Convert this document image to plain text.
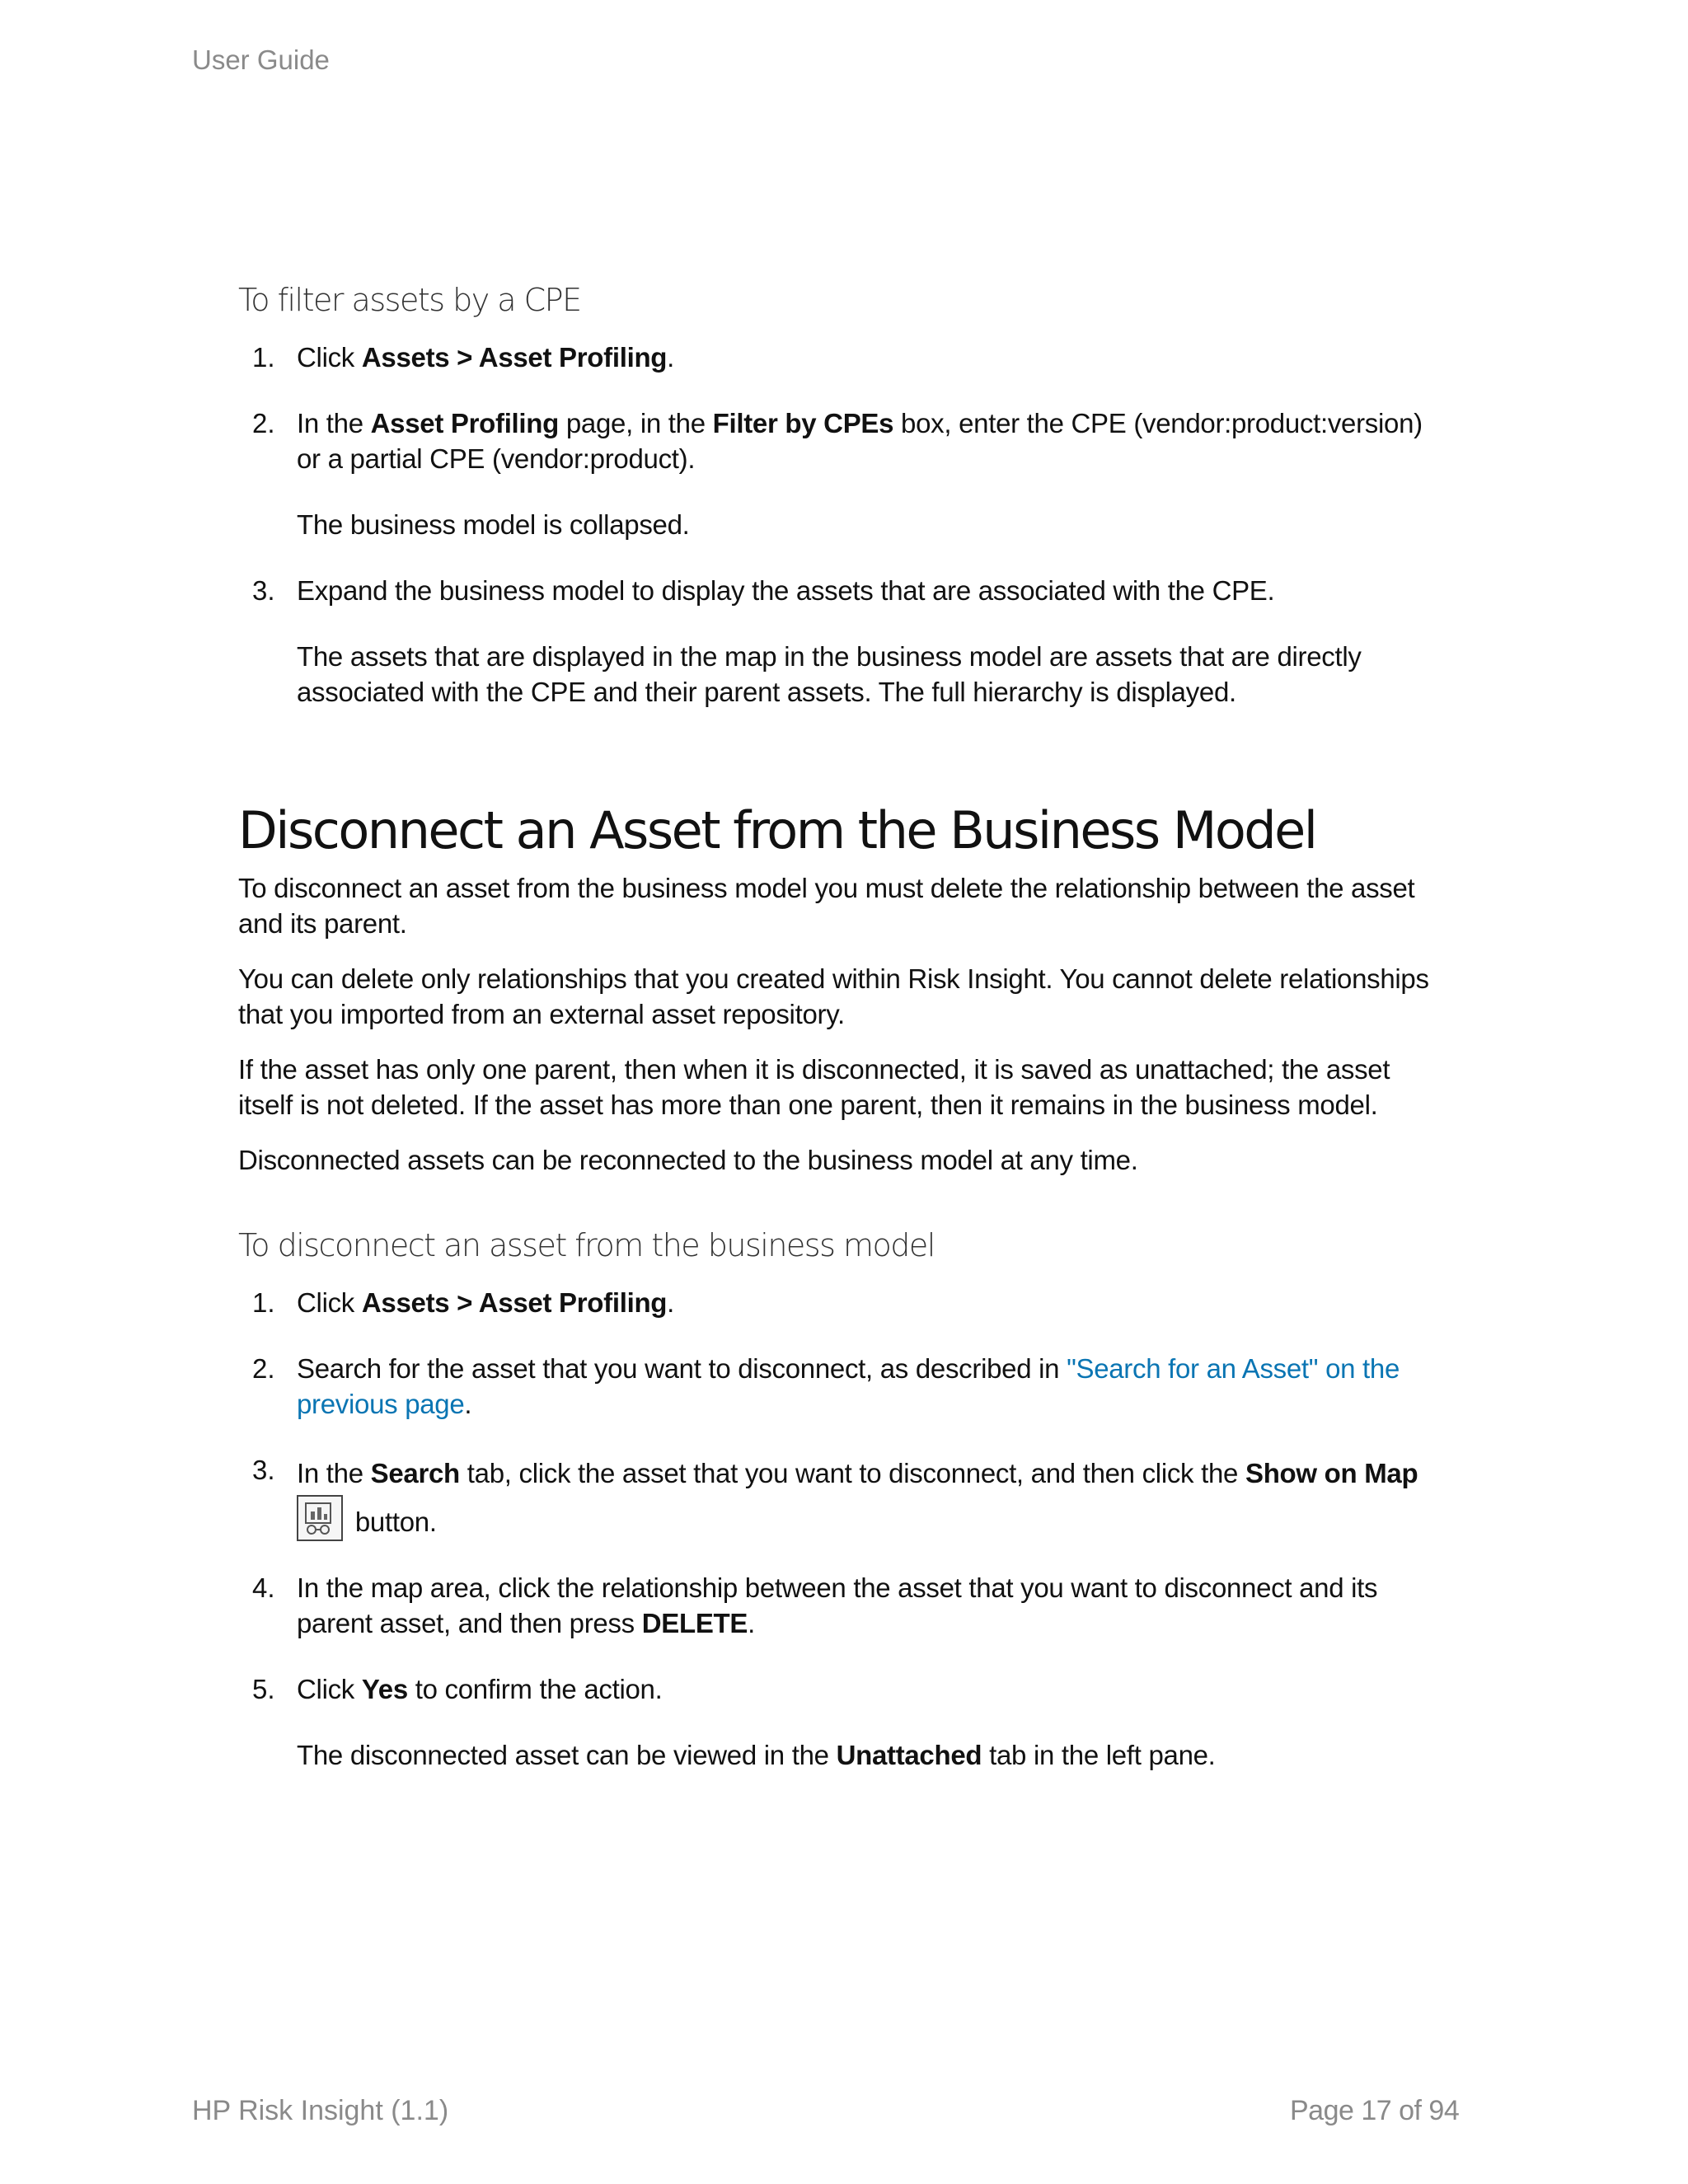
User Guide
To filter assets by a CPE
1. Click Assets > Asset Profiling.

2. In the Asset Profiling page, in the Filter by CPEs box, enter the CPE (vendor:product:version) or a partial CPE (vendor:product).

The business model is collapsed.

3. Expand the business model to display the assets that are associated with the CPE.

The assets that are displayed in the map in the business model are assets that are directly associated with the CPE and their parent assets. The full hierarchy is displayed.

Disconnect an Asset from the Business Model

To disconnect an asset from the business model you must delete the relationship between the asset and its parent.

You can delete only relationships that you created within Risk Insight. You cannot delete relationships that you imported from an external asset repository.

If the asset has only one parent, then when it is disconnected, it is saved as unattached; the asset itself is not deleted. If the asset has more than one parent, then it remains in the business model.

Disconnected assets can be reconnected to the business model at any time.

To disconnect an asset from the business model
1. Click Assets > Asset Profiling.

2. Search for the asset that you want to disconnect, as described in "Search for an Asset" on the previous page.

3. In the Search tab, click the asset that you want to disconnect, and then click the Show on Map
button.

4. In the map area, click the relationship between the asset that you want to disconnect and its parent asset, and then press DELETE.

5. Click Yes to confirm the action.

The disconnected asset can be viewed in the Unattached tab in the left pane.

HP Risk Insight (1.1)	Page 17 of 94
